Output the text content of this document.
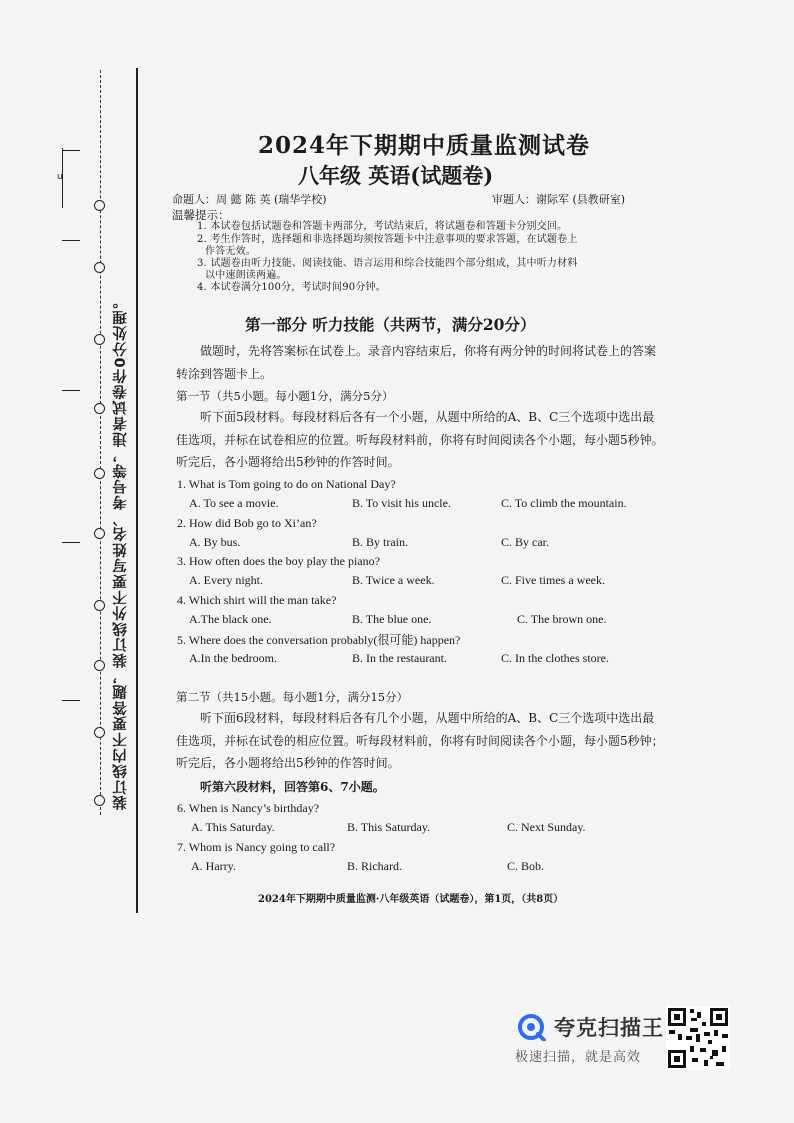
u
装订线内不要答题，装订线外不要写姓名、考号等，违者试卷作0分处理。
2024年下期期中质量监测试卷
八年级 英语(试题卷)
命题人：周 懿 陈 英 (瑞华学校)	审题人：谢际军 (县教研室)
温馨提示：
1. 本试卷包括试题卷和答题卡两部分，考试结束后，将试题卷和答题卡分别交回。
2. 考生作答时，选择题和非选择题均须按答题卡中注意事项的要求答题，在试题卷上
作答无效。
3. 试题卷由听力技能、阅读技能、语言运用和综合技能四个部分组成，其中听力材料
以中速朗读两遍。
4. 本试卷满分100分，考试时间90分钟。
第一部分 听力技能（共两节，满分20分）

做题时，先将答案标在试卷上。录音内容结束后，你将有两分钟的时间将试卷上的答案转涂到答题卡上。

第一节（共5小题。每小题1分，满分5分）

听下面5段材料。每段材料后各有一个小题，从题中所给的A、B、C三个选项中选出最佳选项，并标在试卷相应的位置。听每段材料前，你将有时间阅读各个小题，每小题5秒钟。听完后，各小题将给出5秒钟的作答时间。

1. What is Tom going to do on National Day?
A. To see a movie.	B. To visit his uncle.	C. To climb the mountain.
2. How did Bob go to Xi’an?
A. By bus.	B. By train.	C. By car.
3. How often does the boy play the piano?
A. Every night.	B. Twice a week.	C. Five times a week.
4. Which shirt will the man take?
A.The black one.	B. The blue one.	C. The brown one.
5. Where does the conversation probably(很可能) happen?
A.In the bedroom.	B. In the restaurant.	C. In the clothes store.
第二节（共15小题。每小题1分，满分15分）

听下面6段材料，每段材料后各有几个小题，从题中所给的A、B、C三个选项中选出最佳选项，并标在试卷的相应位置。听每段材料前，你将有时间阅读各个小题，每小题5秒钟；听完后，各小题将给出5秒钟的作答时间。

听第六段材料，回答第6、7小题。
6. When is Nancy’s birthday?
A. This Saturday.	B. This Saturday.	C. Next Sunday.
7. Whom is Nancy going to call?
A. Harry.	B. Richard.	C. Bob.
2024年下期期中质量监测·八年级英语（试题卷），第1页，（共8页）
夸克扫描王
极速扫描，就是高效
